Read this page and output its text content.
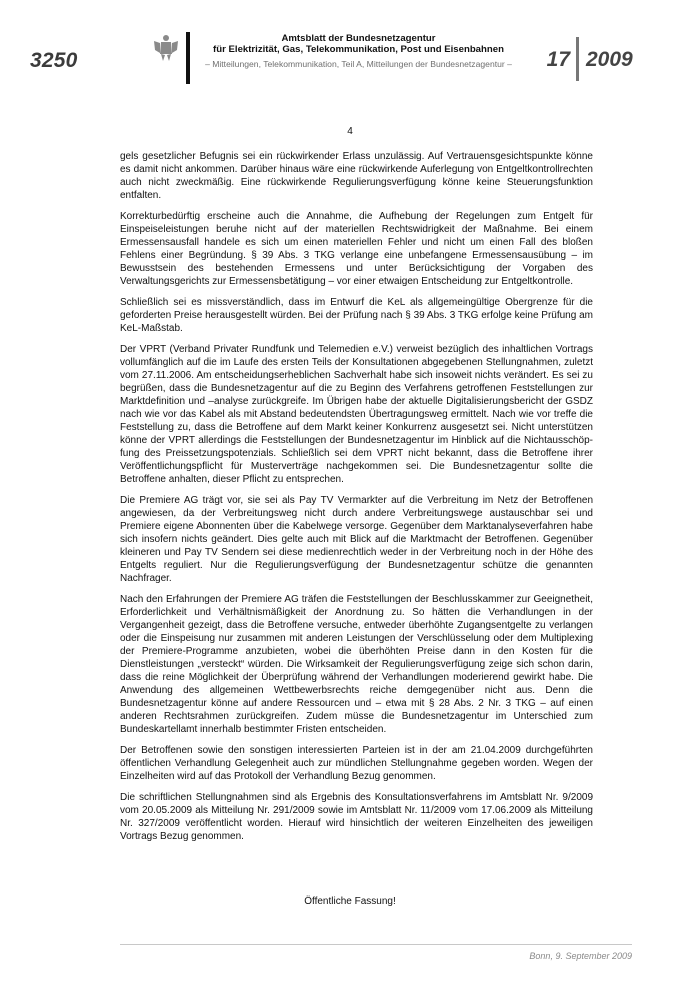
3250
Amtsblatt der Bundesnetzagentur
für Elektrizität, Gas, Telekommunikation, Post und Eisenbahnen
– Mitteilungen, Telekommunikation, Teil A, Mitteilungen der Bundesnetzagentur –	17 2009
4

gels gesetzlicher Befugnis sei ein rückwirkender Erlass unzulässig. Auf Vertrauensgesichtspunkte könne es damit nicht ankommen. Darüber hinaus wäre eine rückwirkende Auferlegung von Entgeltkontrollrechten auch nicht zweckmäßig. Eine rückwirkende Regulierungsverfügung könne keine Steuerungsfunktion entfalten.

Korrekturbedürftig erscheine auch die Annahme, die Aufhebung der Regelungen zum Entgelt für Einspeiseleistungen beruhe nicht auf der materiellen Rechtswidrigkeit der Maßnahme. Bei einem Ermessensausfall handele es sich um einen materiellen Fehler und nicht um einen Fall des bloßen Fehlens einer Begründung. § 39 Abs. 3 TKG verlange eine unbefangene Ermessensausübung – im Bewusstsein des bestehenden Ermessens und unter Berücksichtigung der Vorgaben des Verwaltungsgerichts zur Ermessensbetätigung – vor einer etwaigen Entscheidung zur Entgeltkontrolle.

Schließlich sei es missverständlich, dass im Entwurf die KeL als allgemeingültige Obergrenze für die geforderten Preise herausgestellt würden. Bei der Prüfung nach § 39 Abs. 3 TKG erfolge keine Prüfung am KeL-Maßstab.

Der VPRT (Verband Privater Rundfunk und Telemedien e.V.) verweist bezüglich des inhaltlichen Vortrags vollumfänglich auf die im Laufe des ersten Teils der Konsultationen abgegebenen Stellungnahmen, zuletzt vom 27.11.2006. Am entscheidungserheblichen Sachverhalt habe sich insoweit nichts verändert. Es sei zu begrüßen, dass die Bundesnetzagentur auf die zu Beginn des Verfahrens getroffenen Feststellungen zur Marktdefinition und –analyse zurückgreife. Im Übrigen habe der aktuelle Digitalisierungsbericht der GSDZ nach wie vor das Kabel als mit Abstand bedeutendsten Übertragungsweg ermittelt. Nach wie vor treffe die Feststellung zu, dass die Betroffene auf dem Markt keiner Konkurrenz ausgesetzt sei. Nicht unterstützen könne der VPRT allerdings die Feststellungen der Bundesnetzagentur im Hinblick auf die Nichtausschöpfung des Preissetzungspotenzials. Schließlich sei dem VPRT nicht bekannt, dass die Betroffene ihrer Veröffentlichungspflicht für Musterverträge nachgekommen sei. Die Bundesnetzagentur sollte die Betroffene anhalten, dieser Pflicht zu entsprechen.

Die Premiere AG trägt vor, sie sei als Pay TV Vermarkter auf die Verbreitung im Netz der Betroffenen angewiesen, da der Verbreitungsweg nicht durch andere Verbreitungswege austauschbar sei und Premiere eigene Abonnenten über die Kabelwege versorge. Gegenüber dem Marktanalyseverfahren habe sich insofern nichts geändert. Dies gelte auch mit Blick auf die Marktmacht der Betroffenen. Gegenüber kleineren und Pay TV Sendern sei diese medienrechtlich weder in der Verbreitung noch in der Höhe des Entgelts reguliert. Nur die Regulierungsverfügung der Bundesnetzagentur schütze die genannten Nachfrager.

Nach den Erfahrungen der Premiere AG träfen die Feststellungen der Beschlusskammer zur Geeignetheit, Erforderlichkeit und Verhältnismäßigkeit der Anordnung zu. So hätten die Verhandlungen in der Vergangenheit gezeigt, dass die Betroffene versuche, entweder überhöhte Zugangsentgelte zu verlangen oder die Einspeisung nur zusammen mit anderen Leistungen der Verschlüsselung oder dem Multiplexing der Premiere-Programme anzubieten, wobei die überhöhten Preise dann in den Kosten für die Dienstleistungen „versteckt“ würden. Die Wirksamkeit der Regulierungsverfügung zeige sich schon darin, dass die reine Möglichkeit der Überprüfung während der Verhandlungen moderierend gewirkt habe. Die Anwendung des allgemeinen Wettbewerbsrechts reiche demgegenüber nicht aus. Denn die Bundesnetzagentur könne auf andere Ressourcen und – etwa mit § 28 Abs. 2 Nr. 3 TKG – auf einen anderen Rechtsrahmen zurückgreifen. Zudem müsse die Bundesnetzagentur im Unterschied zum Bundeskartellamt innerhalb bestimmter Fristen entscheiden.

Der Betroffenen sowie den sonstigen interessierten Parteien ist in der am 21.04.2009 durchgeführten öffentlichen Verhandlung Gelegenheit auch zur mündlichen Stellungnahme gegeben worden. Wegen der Einzelheiten wird auf das Protokoll der Verhandlung Bezug genommen.

Die schriftlichen Stellungnahmen sind als Ergebnis des Konsultationsverfahrens im Amtsblatt Nr. 9/2009 vom 20.05.2009 als Mitteilung Nr. 291/2009 sowie im Amtsblatt Nr. 11/2009 vom 17.06.2009 als Mitteilung Nr. 327/2009 veröffentlicht worden. Hierauf wird hinsichtlich der weiteren Einzelheiten des jeweiligen Vortrags Bezug genommen.

Öffentliche Fassung!
Bonn, 9. September 2009
